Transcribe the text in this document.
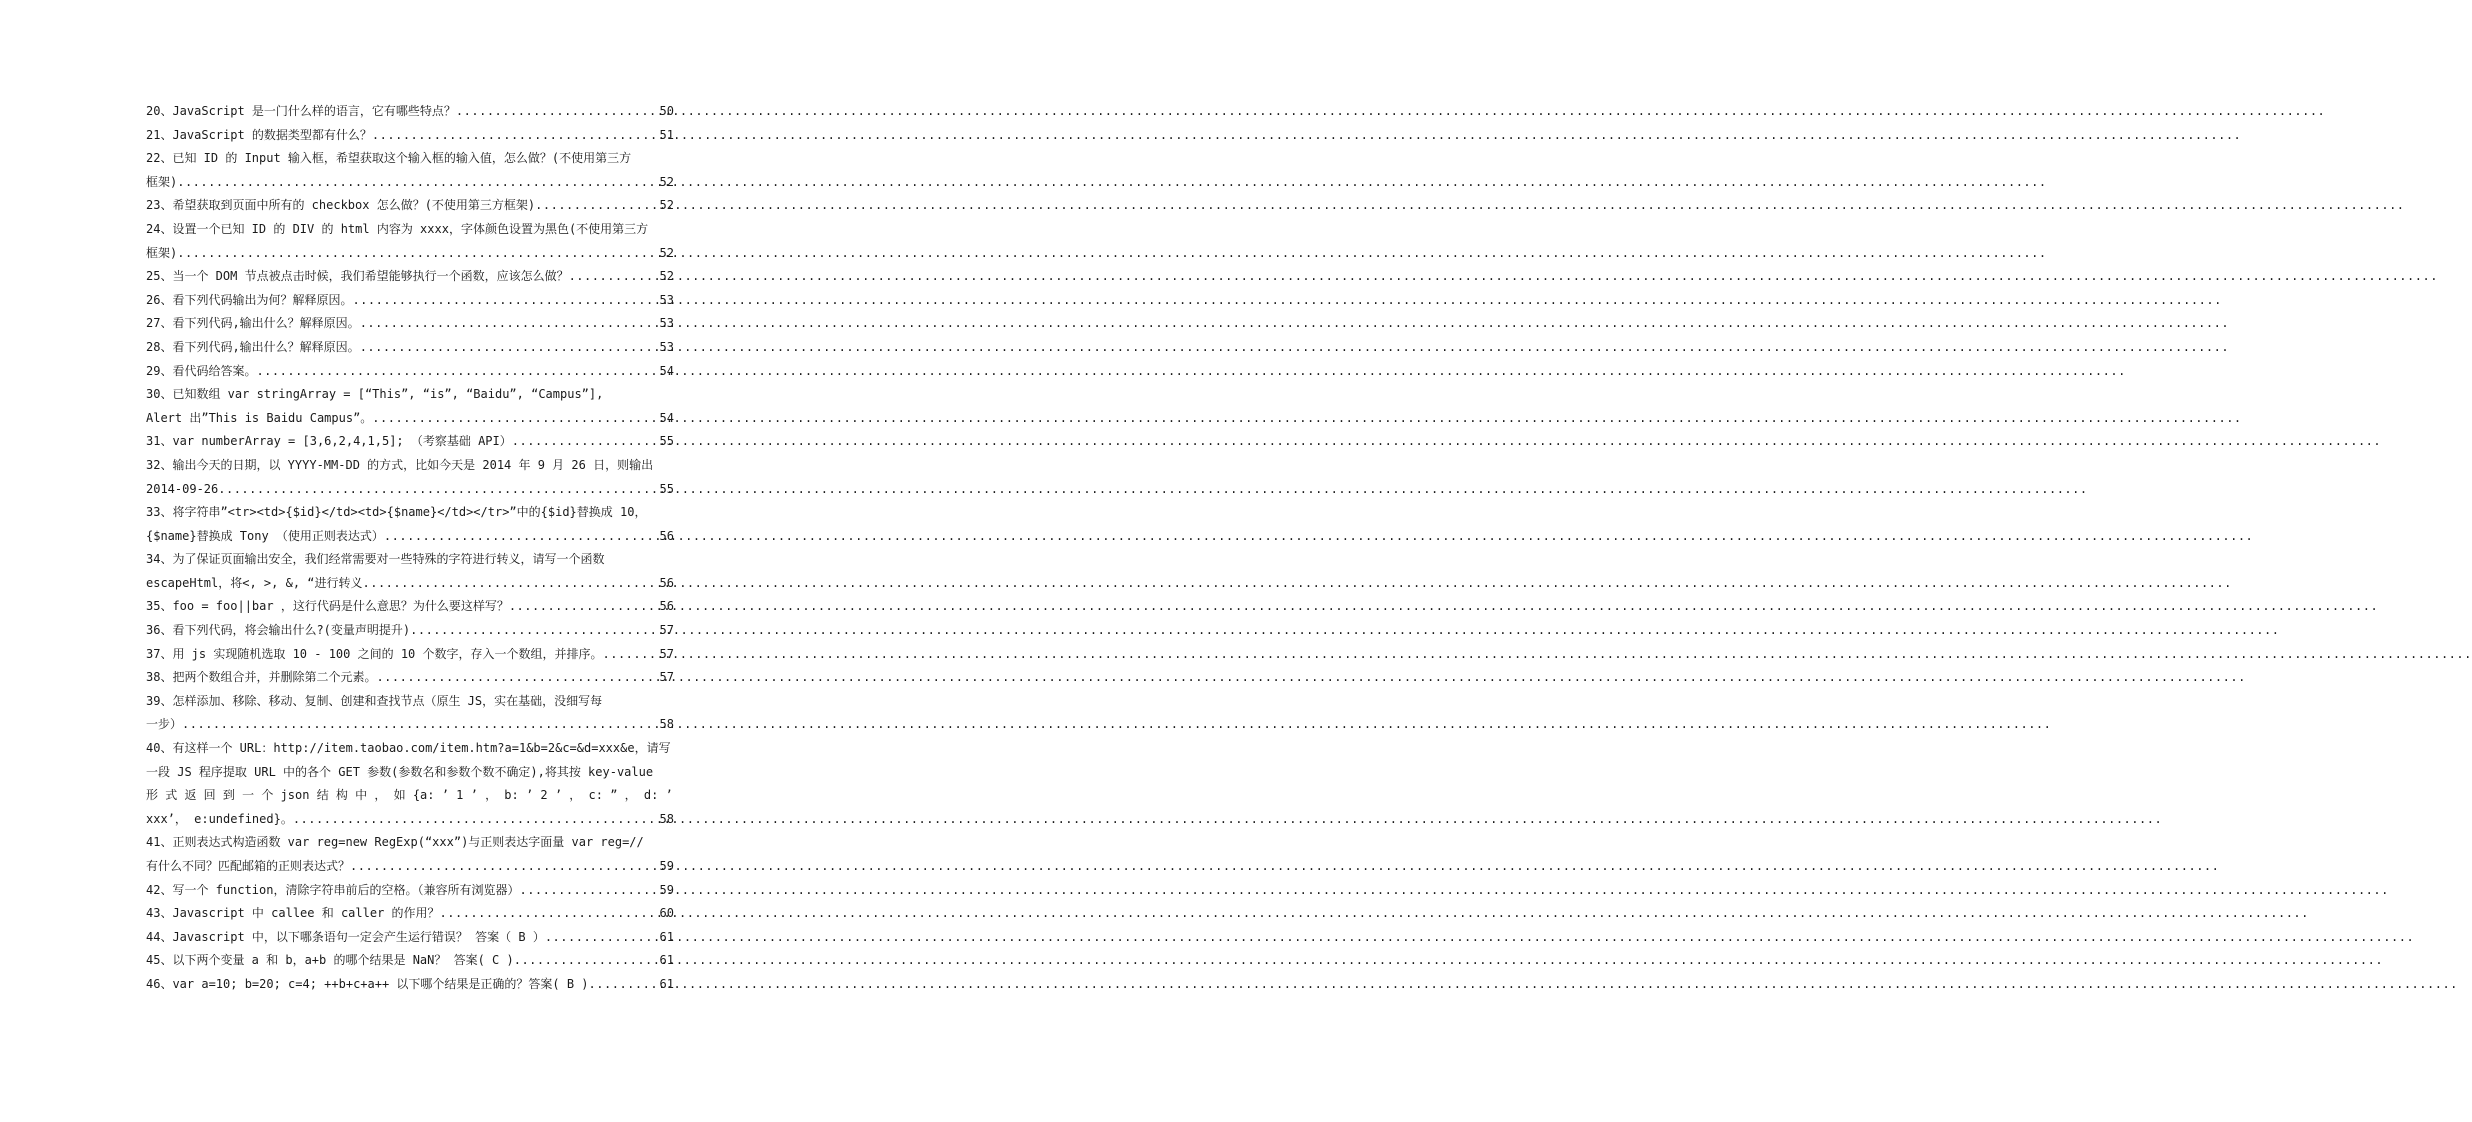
20、JavaScript 是一门什么样的语言，它有哪些特点？ .....	50
21、JavaScript 的数据类型都有什么？ .....	51
22、已知 ID 的 Input 输入框，希望获取这个输入框的输入值，怎么做？(不使用第三方
框架) .....	52
23、希望获取到页面中所有的 checkbox 怎么做？(不使用第三方框架) .....	52
24、设置一个已知 ID 的 DIV 的 html 内容为 xxxx，字体颜色设置为黑色(不使用第三方
框架) .....	52
25、当一个 DOM 节点被点击时候，我们希望能够执行一个函数，应该怎么做？ .....	52
26、看下列代码输出为何？解释原因。 .....	53
27、看下列代码,输出什么？解释原因。 .....	53
28、看下列代码,输出什么？解释原因。 .....	53
29、看代码给答案。 .....	54
30、已知数组 var stringArray = [“This”, “is”, “Baidu”, “Campus”],
Alert 出”This is Baidu Campus”。 .....	54
31、var numberArray = [3,6,2,4,1,5]; （考察基础 API） .....	55
32、输出今天的日期，以 YYYY-MM-DD 的方式，比如今天是 2014 年 9 月 26 日，则输出
2014-09-26 .....	55
33、将字符串”<tr><td>{$id}</td><td>{$name}</td></tr>”中的{$id}替换成 10，
{$name}替换成 Tony （使用正则表达式） .....	56
34、为了保证页面输出安全，我们经常需要对一些特殊的字符进行转义，请写一个函数
escapeHtml，将<, >, &, “进行转义 .....	56
35、foo = foo||bar ，这行代码是什么意思？为什么要这样写？ .....	56
36、看下列代码，将会输出什么?(变量声明提升) .....	57
37、用 js 实现随机选取 10 - 100 之间的 10 个数字，存入一个数组，并排序。 .....	57
38、把两个数组合并，并删除第二个元素。 .....	57
39、怎样添加、移除、移动、复制、创建和查找节点（原生 JS，实在基础，没细写每
一步） .....	58
40、有这样一个 URL：http://item.taobao.com/item.htm?a=1&b=2&c=&d=xxx&e，请写
一段 JS 程序提取 URL 中的各个 GET 参数(参数名和参数个数不确定),将其按 key-value
形 式 返 回 到 一 个 json 结 构 中 ， 如 {a: ’ 1 ’ ， b: ’ 2 ’ ， c: ” ， d: ’
xxx’， e:undefined}。 .....	58
41、正则表达式构造函数 var reg=new RegExp(“xxx”)与正则表达字面量 var reg=//
有什么不同？匹配邮箱的正则表达式？ .....	59
42、写一个 function，清除字符串前后的空格。（兼容所有浏览器） .....	59
43、Javascript 中 callee 和 caller 的作用？ .....	60
44、Javascript 中，以下哪条语句一定会产生运行错误？ 答案（ B ） .....	61
45、以下两个变量 a 和 b，a+b 的哪个结果是 NaN？ 答案( C ) .....	61
46、var a=10; b=20; c=4; ++b+c+a++ 以下哪个结果是正确的？答案( B ) .....	61
